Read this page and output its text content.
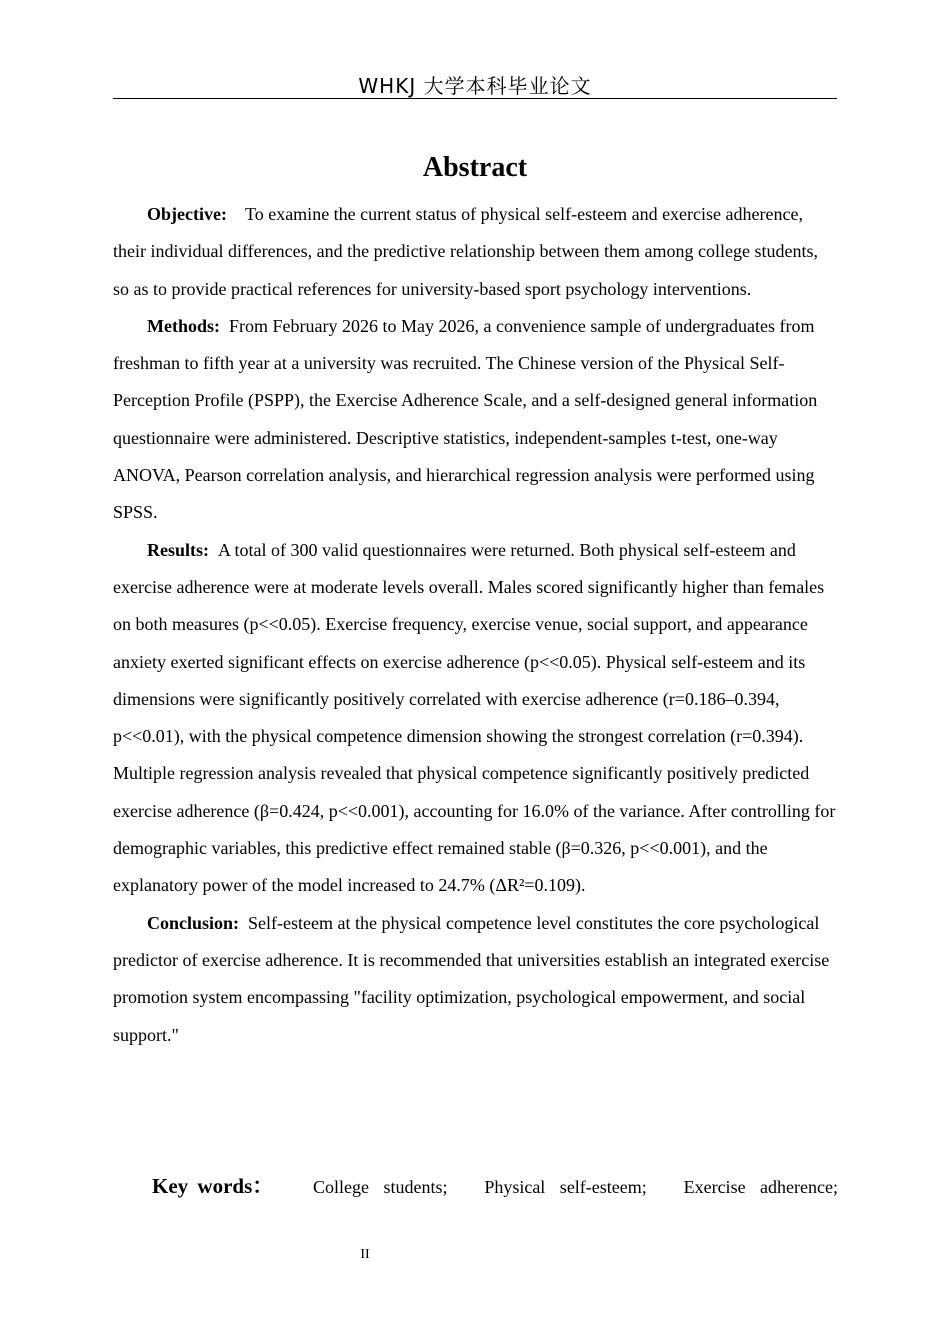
WHKJ 大学本科毕业论文
Abstract

Objective: To examine the current status of physical self-esteem and exercise adherence, their individual differences, and the predictive relationship between them among college students, so as to provide practical references for university-based sport psychology interventions.

Methods: From February 2026 to May 2026, a convenience sample of undergraduates from freshman to fifth year at a university was recruited. The Chinese version of the Physical Self-Perception Profile (PSPP), the Exercise Adherence Scale, and a self-designed general information questionnaire were administered. Descriptive statistics, independent-samples t-test, one-way ANOVA, Pearson correlation analysis, and hierarchical regression analysis were performed using SPSS.

Results: A total of 300 valid questionnaires were returned. Both physical self-esteem and exercise adherence were at moderate levels overall. Males scored significantly higher than females on both measures (p<<0.05). Exercise frequency, exercise venue, social support, and appearance anxiety exerted significant effects on exercise adherence (p<<0.05). Physical self-esteem and its dimensions were significantly positively correlated with exercise adherence (r=0.186–0.394, p<<0.01), with the physical competence dimension showing the strongest correlation (r=0.394). Multiple regression analysis revealed that physical competence significantly positively predicted exercise adherence (β=0.424, p<<0.001), accounting for 16.0% of the variance. After controlling for demographic variables, this predictive effect remained stable (β=0.326, p<<0.001), and the explanatory power of the model increased to 24.7% (ΔR²=0.109).

Conclusion: Self-esteem at the physical competence level constitutes the core psychological predictor of exercise adherence. It is recommended that universities establish an integrated exercise promotion system encompassing "facility optimization, psychological empowerment, and social support."

Key words：	College students; Physical self-esteem; Exercise adherence;
II
